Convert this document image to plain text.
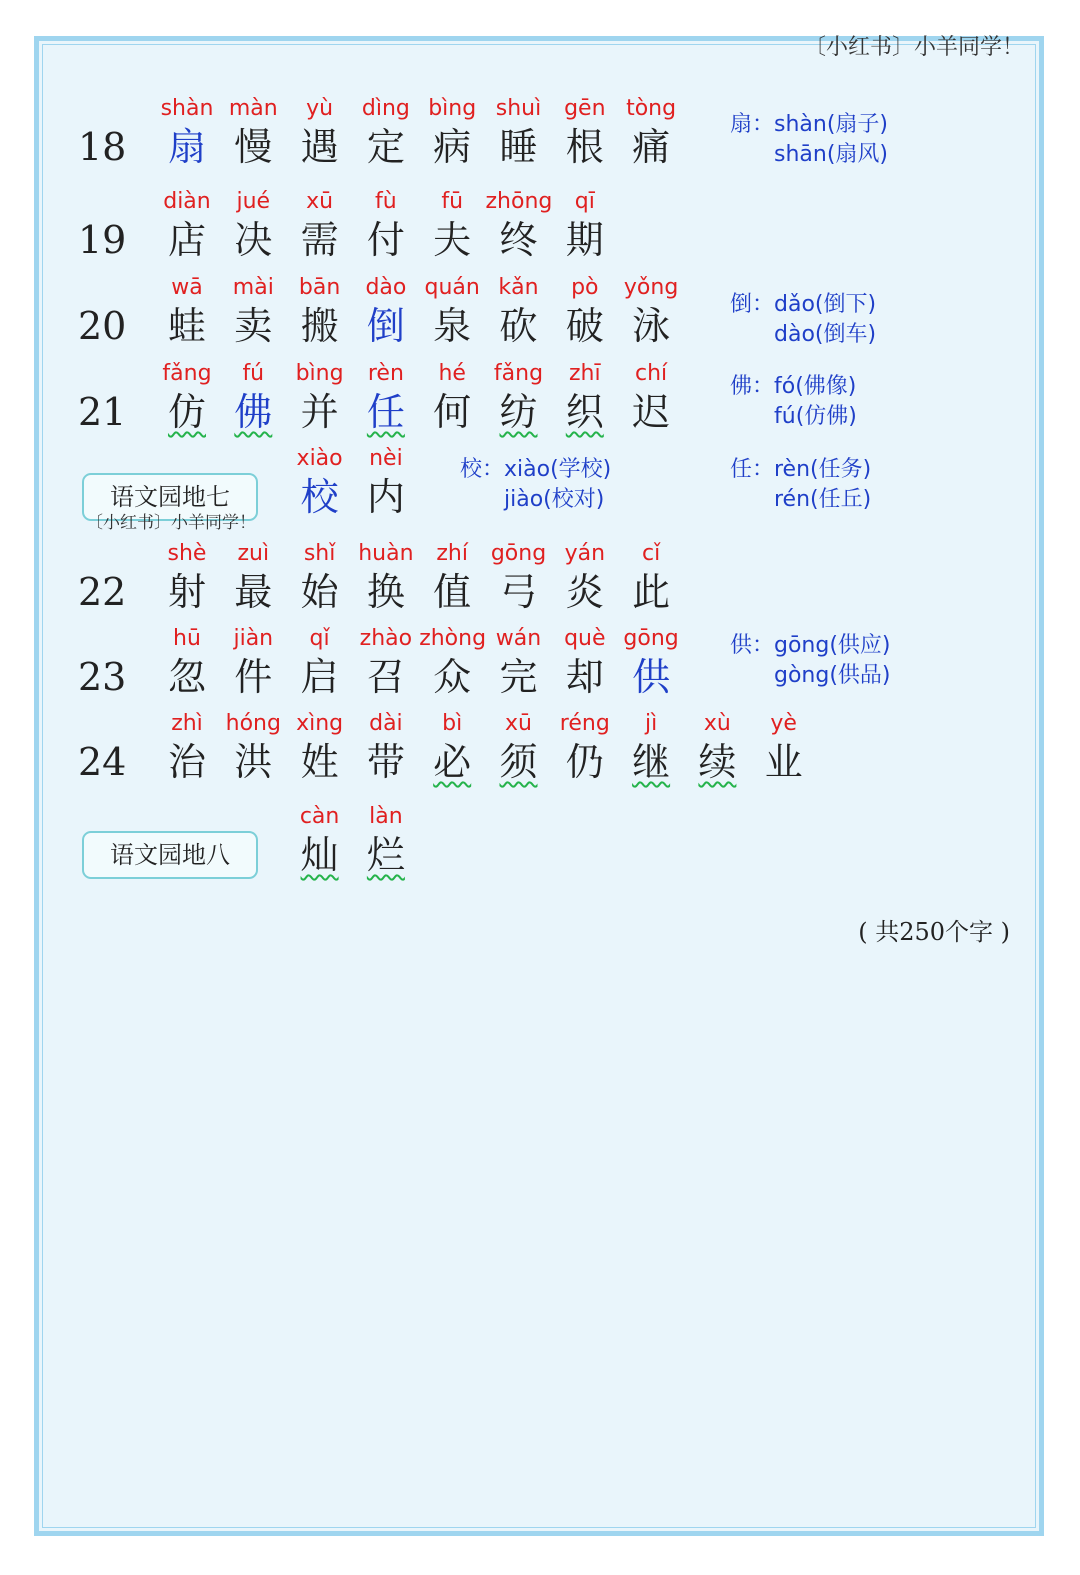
〔小红书〕小羊同学！
18
shàn
扇
màn
慢
yù
遇
dìng
定
bìng
病
shuì
睡
gēn
根
tòng
痛
19
diàn
店
jué
决
xū
需
fù
付
fū
夫
zhōng
终
qī
期
20
wā
蛙
mài
卖
bān
搬
dào
倒
quán
泉
kǎn
砍
pò
破
yǒng
泳
21
fǎng
仿
fú
佛
bìng
并
rèn
任
hé
何
fǎng
纺
zhī
织
chí
迟
语文园地七
xiào
校
nèi
内
22
shè
射
zuì
最
shǐ
始
huàn
换
zhí
值
gōng
弓
yán
炎
cǐ
此
23
hū
忽
jiàn
件
qǐ
启
zhào
召
zhòng
众
wán
完
què
却
gōng
供
24
zhì
治
hóng
洪
xìng
姓
dài
带
bì
必
xū
须
réng
仍
jì
继
xù
续
yè
业
语文园地八
càn
灿
làn
烂
扇：shàn(扇子)
shān(扇风)
倒：dǎo(倒下)
dào(倒车)
佛：fó(佛像)
fú(仿佛)
校：xiào(学校)
jiào(校对)
任：rèn(任务)
rén(任丘)
供：gōng(供应)
gòng(供品)
〔小红书〕小羊同学！
( 共250个字 )
